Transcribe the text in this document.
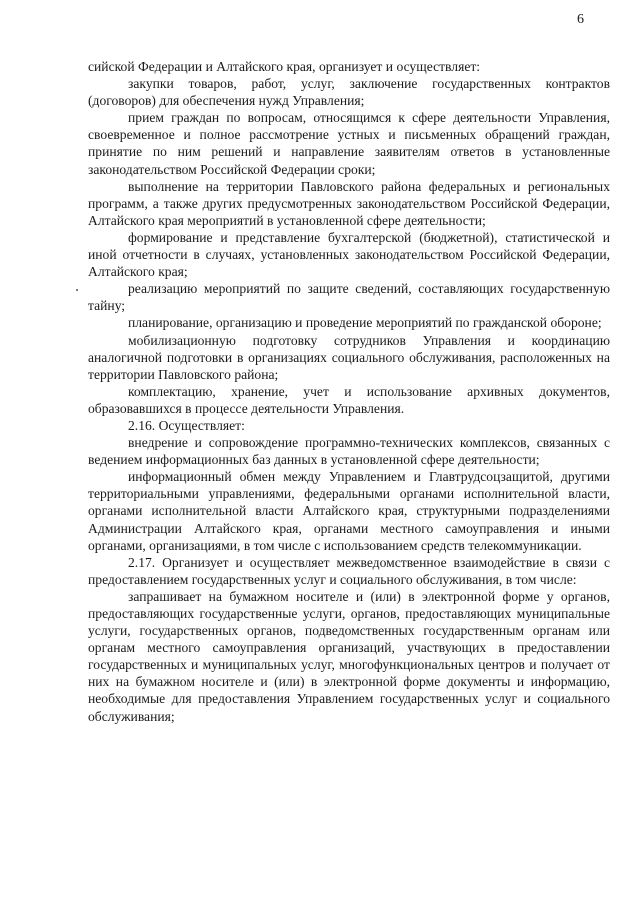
6

сийской Федерации и Алтайского края, организует и осуществляет:

закупки товаров, работ, услуг, заключение государственных контрактов (договоров) для обеспечения нужд Управления;

прием граждан по вопросам, относящимся к сфере деятельности Управления, своевременное и полное рассмотрение устных и письменных обращений граждан, принятие по ним решений и направление заявителям ответов в установленные законодательством Российской Федерации сроки;

выполнение на территории Павловского района федеральных и региональных программ, а также других предусмотренных законодательством Российской Федерации, Алтайского края мероприятий в установленной сфере деятельности;

формирование и представление бухгалтерской (бюджетной), статистической и иной отчетности в случаях, установленных законодательством Российской Федерации, Алтайского края;

реализацию мероприятий по защите сведений, составляющих государственную тайну;

планирование, организацию и проведение мероприятий по гражданской обороне;

мобилизационную подготовку сотрудников Управления и координацию аналогичной подготовки в организациях социального обслуживания, расположенных на территории Павловского района;

комплектацию, хранение, учет и использование архивных документов, образовавшихся в процессе деятельности Управления.

2.16. Осуществляет:

внедрение и сопровождение программно-технических комплексов, связанных с ведением информационных баз данных в установленной сфере деятельности;

информационный обмен между Управлением и Главтрудсоцзащитой, другими территориальными управлениями, федеральными органами исполнительной власти, органами исполнительной власти Алтайского края, структурными подразделениями Администрации Алтайского края, органами местного самоуправления и иными органами, организациями, в том числе с использованием средств телекоммуникации.

2.17. Организует и осуществляет межведомственное взаимодействие в связи с предоставлением государственных услуг и социального обслуживания, в том числе:

запрашивает на бумажном носителе и (или) в электронной форме у органов, предоставляющих государственные услуги, органов, предоставляющих муниципальные услуги, государственных органов, подведомственных государственным органам или органам местного самоуправления организаций, участвующих в предоставлении государственных и муниципальных услуг, многофункциональных центров и получает от них на бумажном носителе и (или) в электронной форме документы и информацию, необходимые для предоставления Управлением государственных услуг и социального обслуживания;
